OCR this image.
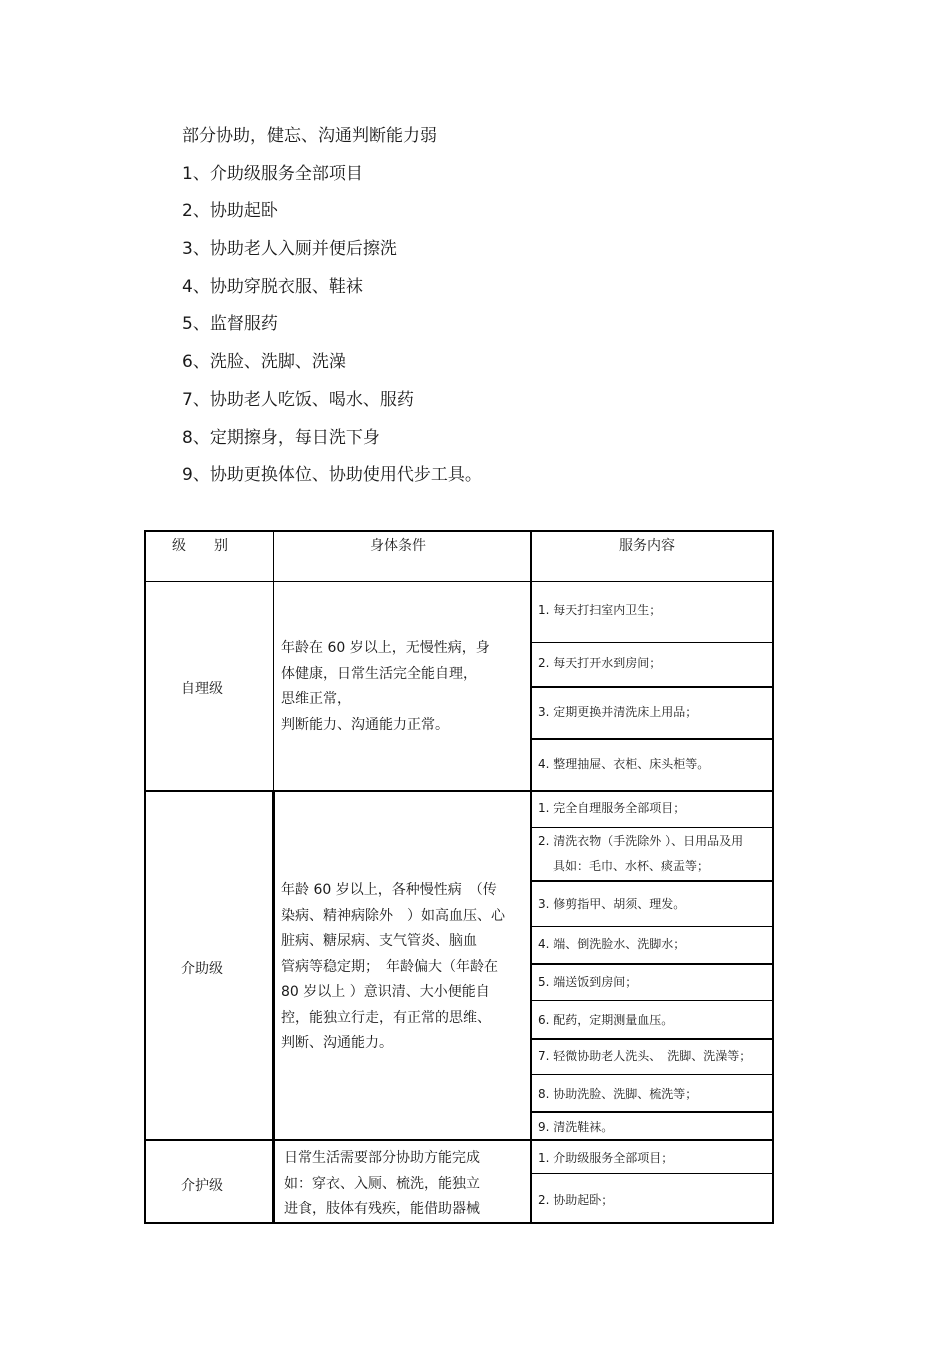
部分协助，健忘、沟通判断能力弱
1、介助级服务全部项目
2、协助起卧
3、协助老人入厕并便后擦洗
4、协助穿脱衣服、鞋袜
5、监督服药
6、洗脸、洗脚、洗澡
7、协助老人吃饭、喝水、服药
8、定期擦身，每日洗下身
9、协助更换体位、协助使用代步工具。
级　　别	身体条件	服务内容
自理级
年龄在 60 岁以上，无慢性病，身
体健康，日常生活完全能自理，
思维正常，
判断能力、沟通能力正常。
1. 每天打扫室内卫生；
2. 每天打开水到房间；
3. 定期更换并清洗床上用品；
4. 整理抽屉、衣柜、床头柜等。
介助级
年龄 60 岁以上，各种慢性病　（传
染病、精神病除外　）如高血压、心
脏病、糖尿病、支气管炎、脑血
管病等稳定期；　年龄偏大（年龄在
80 岁以上 ）意识清、大小便能自
控，能独立行走，有正常的思维、
判断、沟通能力。
1. 完全自理服务全部项目；
2. 清洗衣物（手洗除外 ）、日用品及用
具如：毛巾、水杯、痰盂等；
3. 修剪指甲、胡须、理发。
4. 端、倒洗脸水、洗脚水；
5. 端送饭到房间；
6. 配药，定期测量血压。
7. 轻微协助老人洗头、　洗脚、洗澡等；
8. 协助洗脸、洗脚、梳洗等；
9. 清洗鞋袜。
介护级
日常生活需要部分协助方能完成
如：穿衣、入厕、梳洗，能独立
进食，肢体有残疾，能借助器械
1. 介助级服务全部项目；
2. 协助起卧；
